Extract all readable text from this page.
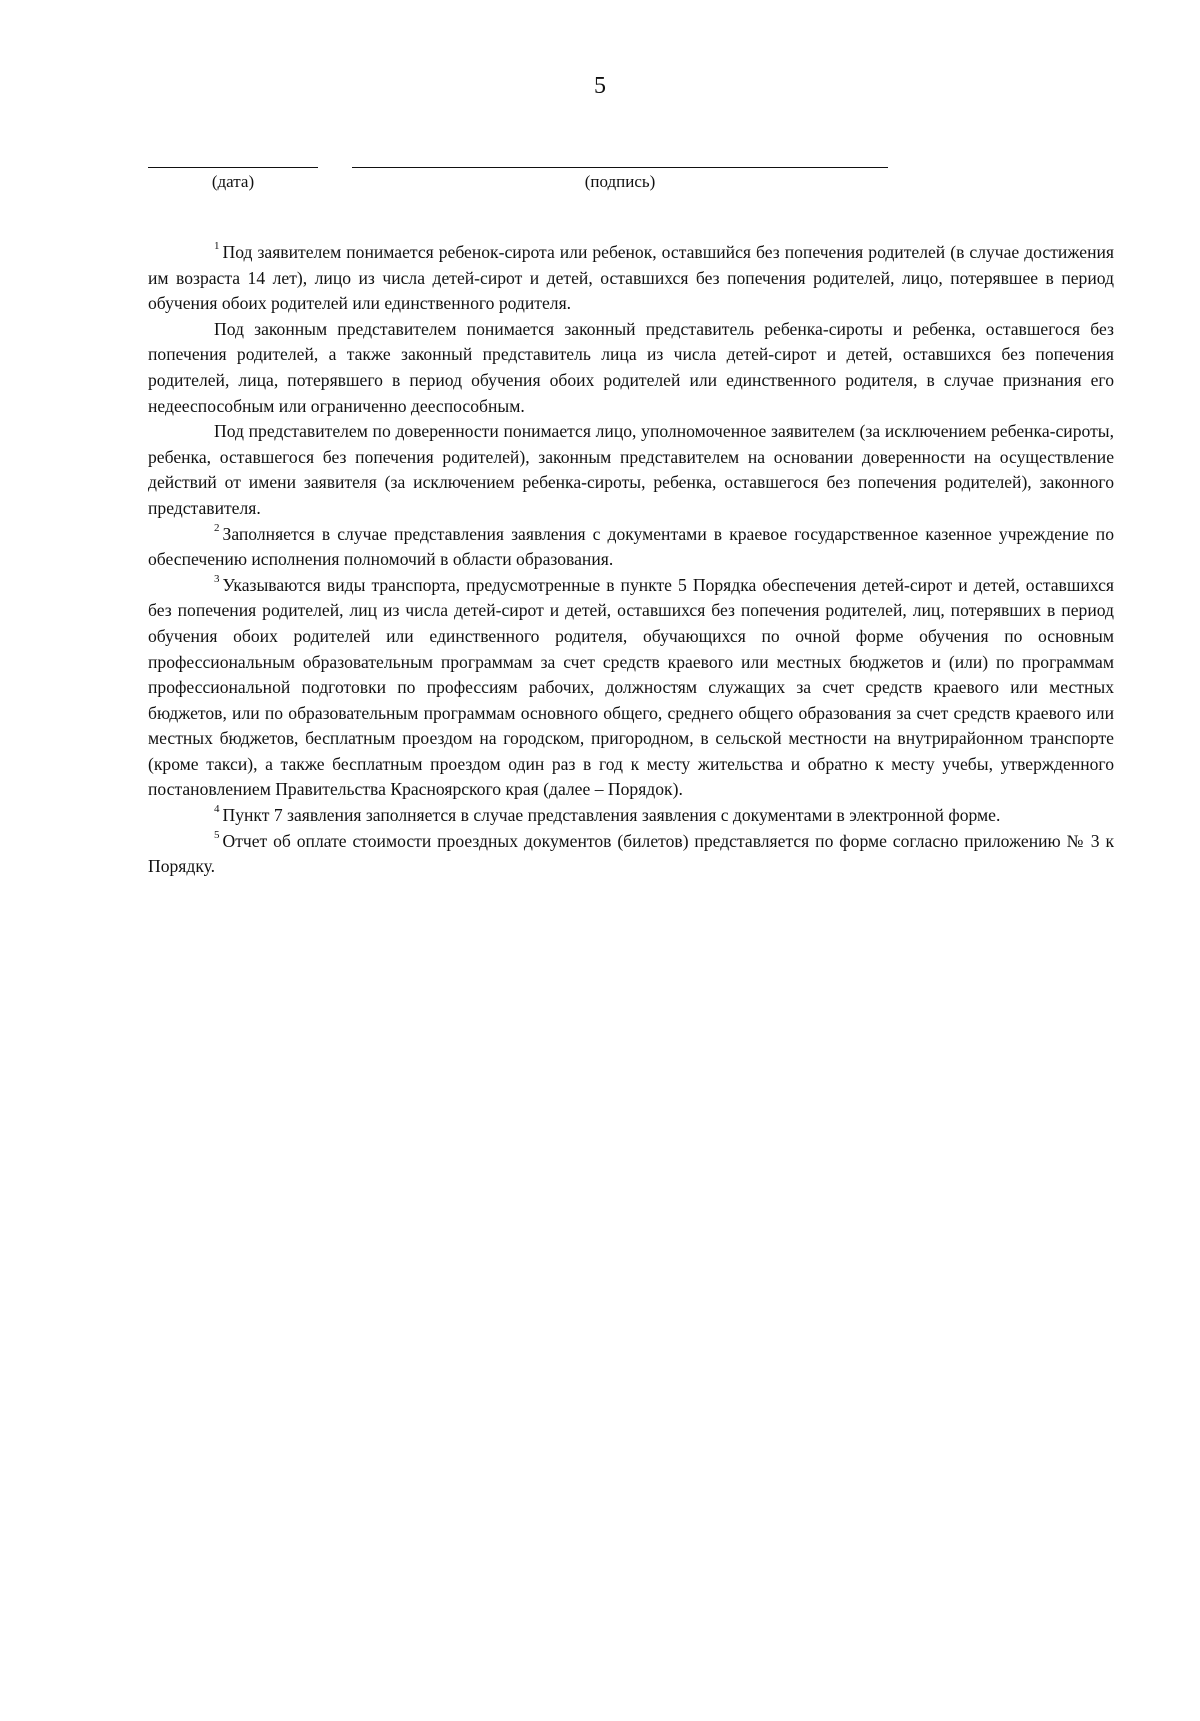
5
(дата)	(подпись)

$^1$ Под заявителем понимается ребенок-сирота или ребенок, оставшийся без попечения родителей (в случае достижения им возраста 14 лет), лицо из числа детей-сирот и детей, оставшихся без попечения родителей, лицо, потерявшее в период обучения обоих родителей или единственного родителя.

Под законным представителем понимается законный представитель ребенка-сироты и ребенка, оставшегося без попечения родителей, а также законный представитель лица из числа детей-сирот и детей, оставшихся без попечения родителей, лица, потерявшего в период обучения обоих родителей или единственного родителя, в случае признания его недееспособным или ограниченно дееспособным.

Под представителем по доверенности понимается лицо, уполномоченное заявителем (за исключением ребенка-сироты, ребенка, оставшегося без попечения родителей), законным представителем на основании доверенности на осуществление действий от имени заявителя (за исключением ребенка-сироты, ребенка, оставшегося без попечения родителей), законного представителя.

$^2$ Заполняется в случае представления заявления с документами в краевое государственное казенное учреждение по обеспечению исполнения полномочий в области образования.

$^3$ Указываются виды транспорта, предусмотренные в пункте 5 Порядка обеспечения детей-сирот и детей, оставшихся без попечения родителей, лиц из числа детей-сирот и детей, оставшихся без попечения родителей, лиц, потерявших в период обучения обоих родителей или единственного родителя, обучающихся по очной форме обучения по основным профессиональным образовательным программам за счет средств краевого или местных бюджетов и (или) по программам профессиональной подготовки по профессиям рабочих, должностям служащих за счет средств краевого или местных бюджетов, или по образовательным программам основного общего, среднего общего образования за счет средств краевого или местных бюджетов, бесплатным проездом на городском, пригородном, в сельской местности на внутрирайонном транспорте (кроме такси), а также бесплатным проездом один раз в год к месту жительства и обратно к месту учебы, утвержденного постановлением Правительства Красноярского края (далее – Порядок).

$^4$ Пункт 7 заявления заполняется в случае представления заявления с документами в электронной форме.

$^5$ Отчет об оплате стоимости проездных документов (билетов) представляется по форме согласно приложению № 3 к Порядку.
